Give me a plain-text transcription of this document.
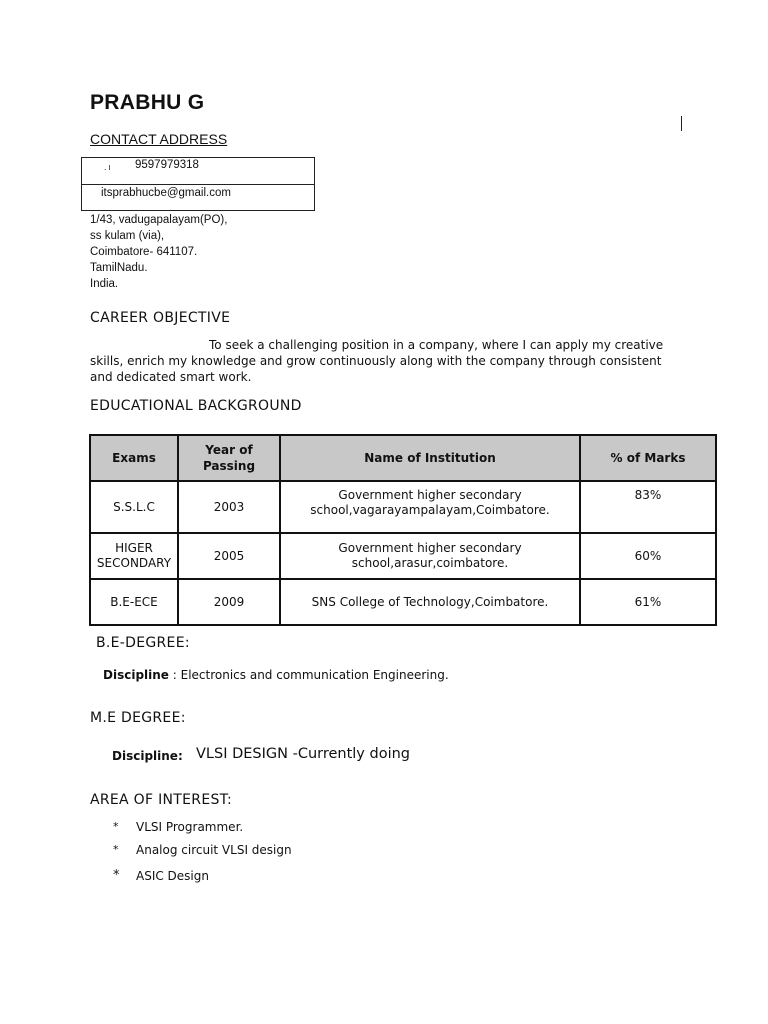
PRABHU G
CONTACT ADDRESS
. ı 9597979318
itsprabhucbe@gmail.com
1/43, vadugapalayam(PO),
ss kulam (via),
Coimbatore- 641107.
TamilNadu.
India.
CAREER OBJECTIVE
To seek a challenging position in a company, where I can apply my creative skills, enrich my knowledge and grow continuously along with the company through consistent and dedicated smart work.
EDUCATIONAL BACKGROUND
Exams	Year of Passing	Name of Institution	% of Marks
S.S.L.C	2003	Government higher secondary school,vagarayampalayam,Coimbatore.	83%

HIGER SECONDARY	2005	Government higher secondary school,arasur,coimbatore.	60%
B.E-ECE	2009	SNS College of Technology,Coimbatore.	61%
B.E-DEGREE:
Discipline : Electronics and communication Engineering.
M.E DEGREE:
Discipline: VLSI DESIGN -Currently doing
AREA OF INTEREST:
* VLSI Programmer.
* Analog circuit VLSI design
* ASIC Design
